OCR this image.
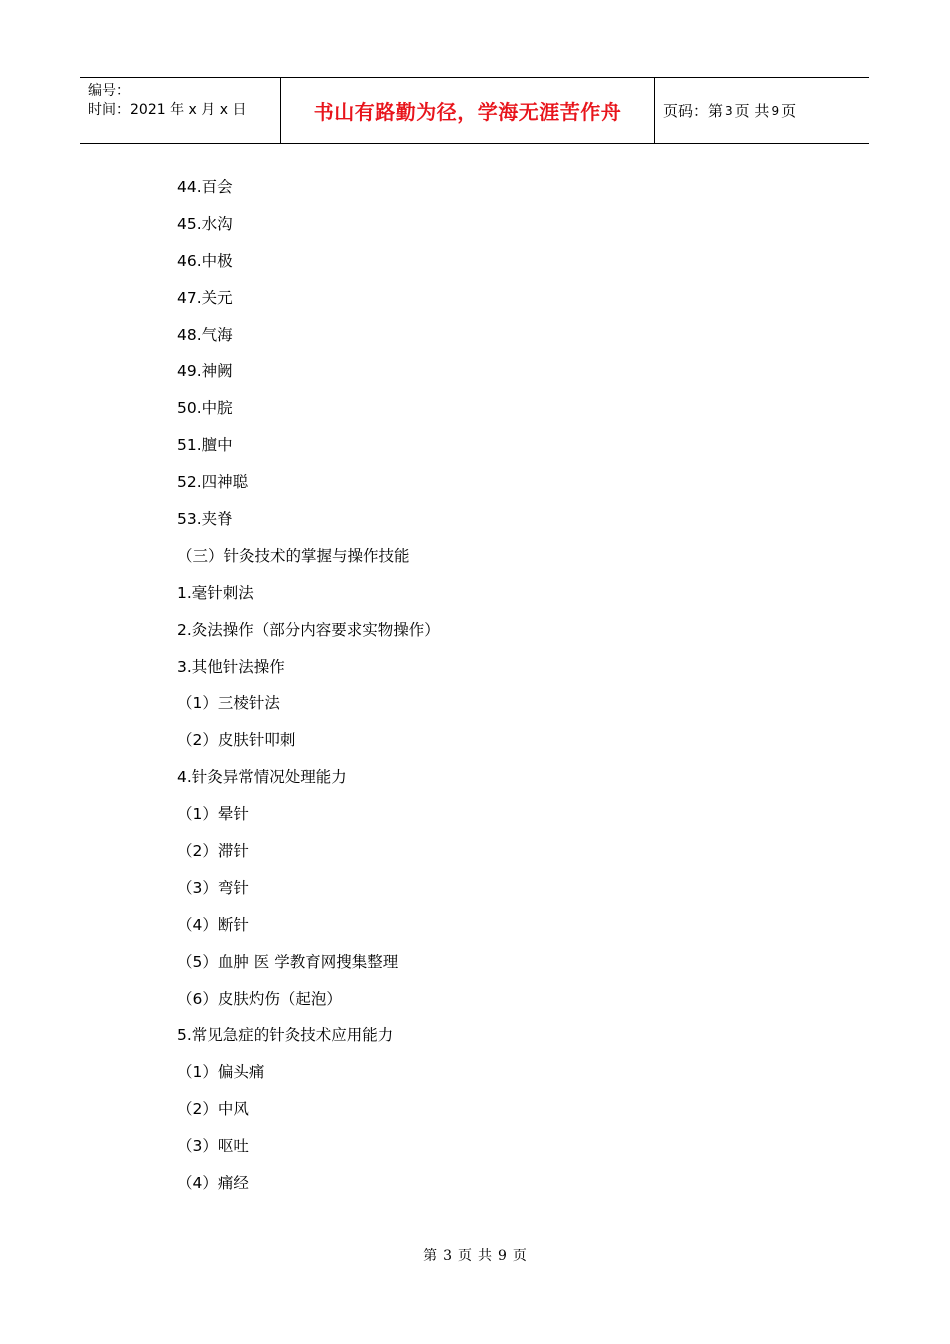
编号：
时间：2021 年 x 月 x 日	书山有路勤为径，学海无涯苦作舟	页码：第 3 页 共 9 页
44.百会
45.水沟
46.中极
47.关元
48.气海
49.神阙
50.中脘
51.膻中
52.四神聪
53.夹脊
（三）针灸技术的掌握与操作技能
1.毫针刺法
2.灸法操作（部分内容要求实物操作）
3.其他针法操作
（1）三棱针法
（2）皮肤针叩刺
4.针灸异常情况处理能力
（1）晕针
（2）滞针
（3）弯针
（4）断针
（5）血肿 医 学教育网搜集整理
（6）皮肤灼伤（起泡）
5.常见急症的针灸技术应用能力
（1）偏头痛
（2）中风
（3）呕吐
（4）痛经
第 3 页 共 9 页
